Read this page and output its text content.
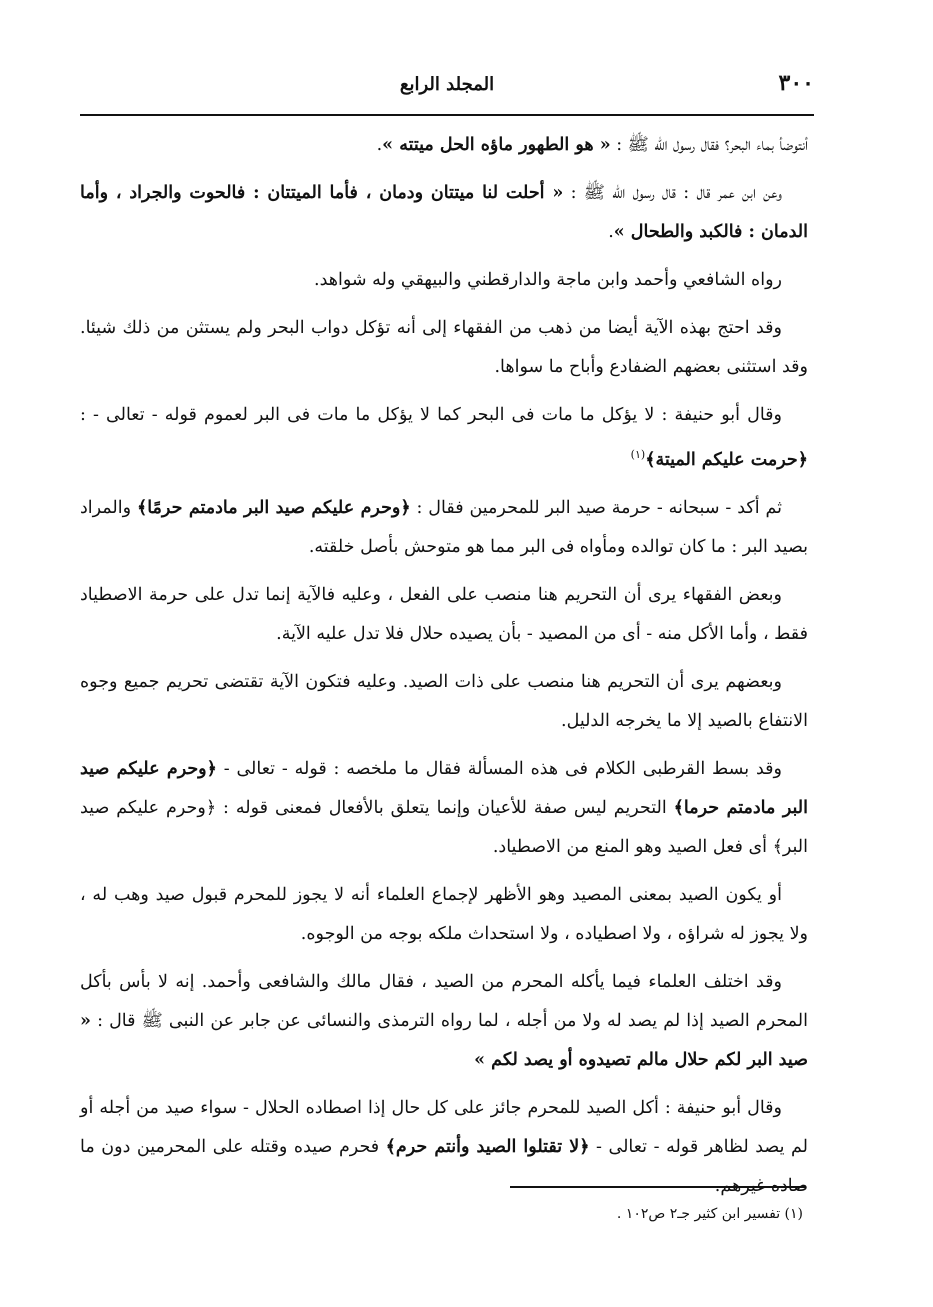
٣٠٠
المجلد الرابع

أنتوضأ بماء البحر؟ فقال رسول الله ﷺ : « هو الطهور ماؤه الحل ميتته ».

وعن ابن عمر قال : قال رسول الله ﷺ : « أحلت لنا ميتتان ودمان ، فأما الميتتان : فالحوت والجراد ، وأما الدمان : فالكبد والطحال ».

رواه الشافعي وأحمد وابن ماجة والدارقطني والبيهقي وله شواهد.

وقد احتج بهذه الآية أيضا من ذهب من الفقهاء إلى أنه تؤكل دواب البحر ولم يستثن من ذلك شيئا. وقد استثنى بعضهم الضفادع وأباح ما سواها.

وقال أبو حنيفة : لا يؤكل ما مات فى البحر كما لا يؤكل ما مات فى البر لعموم قوله - تعالى - : ﴿حرمت عليكم الميتة﴾$^{(١)}$

ثم أكد - سبحانه - حرمة صيد البر للمحرمين فقال : ﴿وحرم عليكم صيد البر مادمتم حرمًا﴾ والمراد بصيد البر : ما كان توالده ومأواه فى البر مما هو متوحش بأصل خلقته.

وبعض الفقهاء يرى أن التحريم هنا منصب على الفعل ، وعليه فالآية إنما تدل على حرمة الاصطياد فقط ، وأما الأكل منه - أى من المصيد - بأن يصيده حلال فلا تدل عليه الآية.

وبعضهم يرى أن التحريم هنا منصب على ذات الصيد. وعليه فتكون الآية تقتضى تحريم جميع وجوه الانتفاع بالصيد إلا ما يخرجه الدليل.

وقد بسط القرطبى الكلام فى هذه المسألة فقال ما ملخصه : قوله - تعالى - ﴿وحرم عليكم صيد البر مادمتم حرما﴾ التحريم ليس صفة للأعيان وإنما يتعلق بالأفعال فمعنى قوله : ﴿وحرم عليكم صيد البر﴾ أى فعل الصيد وهو المنع من الاصطياد.

أو يكون الصيد بمعنى المصيد وهو الأظهر لإجماع العلماء أنه لا يجوز للمحرم قبول صيد وهب له ، ولا يجوز له شراؤه ، ولا اصطياده ، ولا استحداث ملكه بوجه من الوجوه.

وقد اختلف العلماء فيما يأكله المحرم من الصيد ، فقال مالك والشافعى وأحمد. إنه لا بأس بأكل المحرم الصيد إذا لم يصد له ولا من أجله ، لما رواه الترمذى والنسائى عن جابر عن النبى ﷺ قال : « صيد البر لكم حلال مالم تصيدوه أو يصد لكم »

وقال أبو حنيفة : أكل الصيد للمحرم جائز على كل حال إذا اصطاده الحلال - سواء صيد من أجله أو لم يصد لظاهر قوله - تعالى - ﴿لا تقتلوا الصيد وأنتم حرم﴾ فحرم صيده وقتله على المحرمين دون ما صاده غيرهم.

(١) تفسير ابن كثير جـ٢ ص١٠٢ .
